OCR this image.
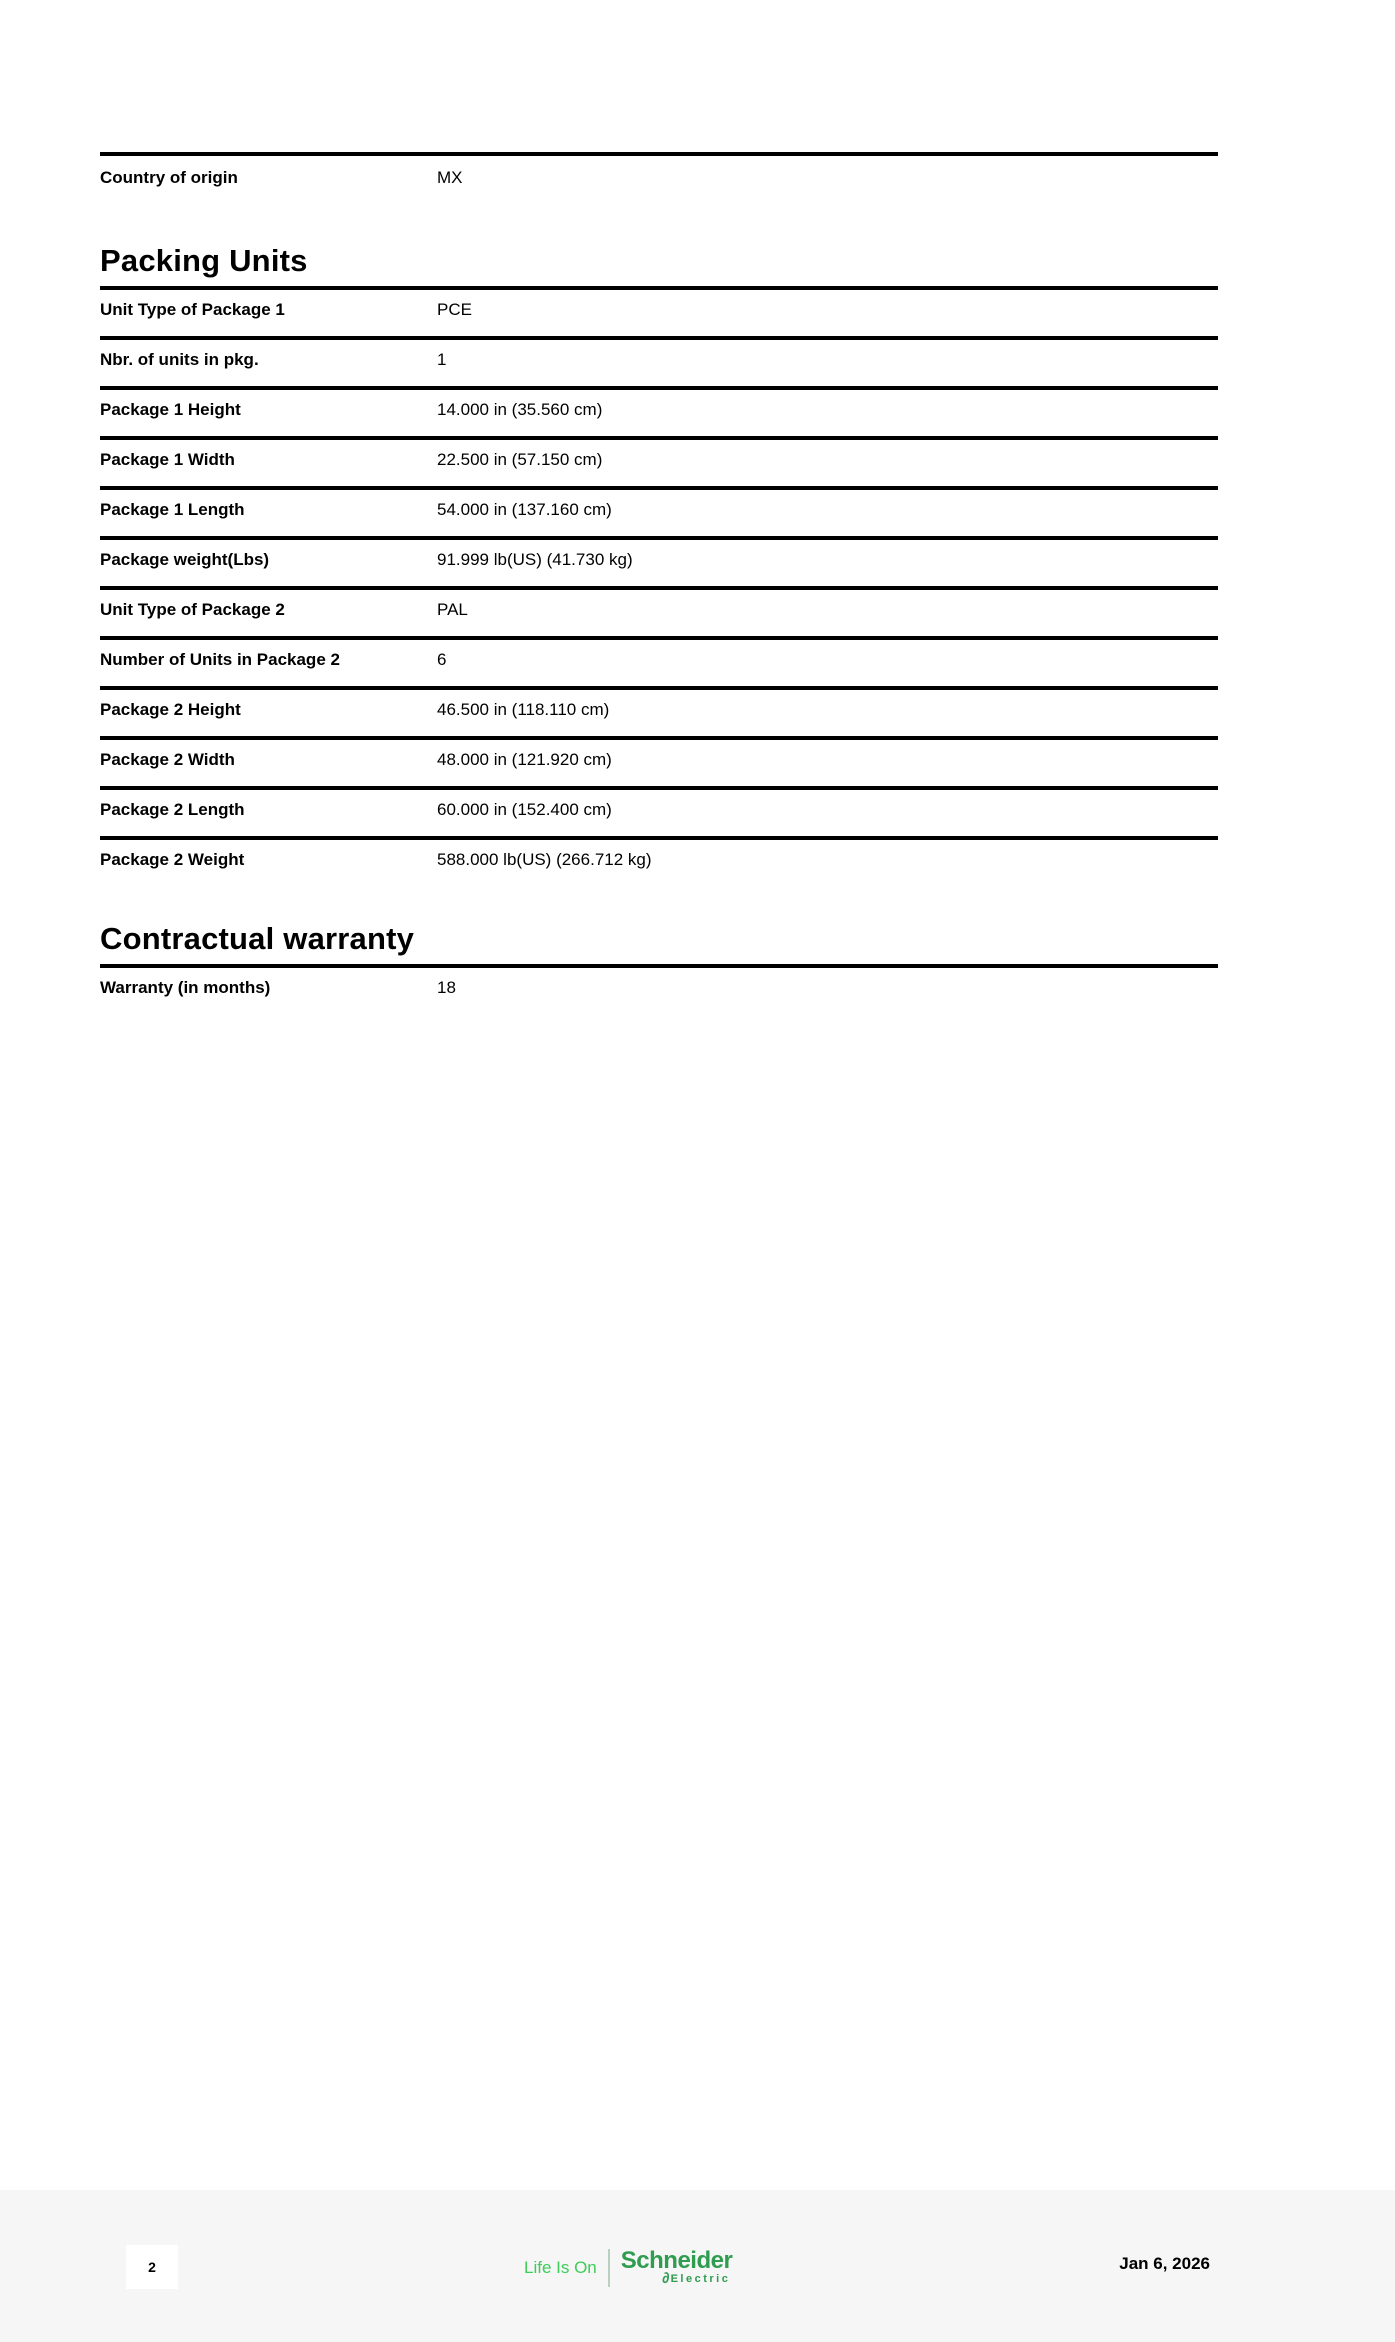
Country of origin	MX
Packing Units
Unit Type of Package 1	PCE
Nbr. of units in pkg.	1
Package 1 Height	14.000 in (35.560 cm)
Package 1 Width	22.500 in (57.150 cm)
Package 1 Length	54.000 in (137.160 cm)
Package weight(Lbs)	91.999 lb(US) (41.730 kg)
Unit Type of Package 2	PAL
Number of Units in Package 2	6
Package 2 Height	46.500 in (118.110 cm)
Package 2 Width	48.000 in (121.920 cm)
Package 2 Length	60.000 in (152.400 cm)
Package 2 Weight	588.000 lb(US) (266.712 kg)
Contractual warranty
Warranty (in months)	18
2	Life Is On Schneider
∂ Electric
Jan 6, 2026
